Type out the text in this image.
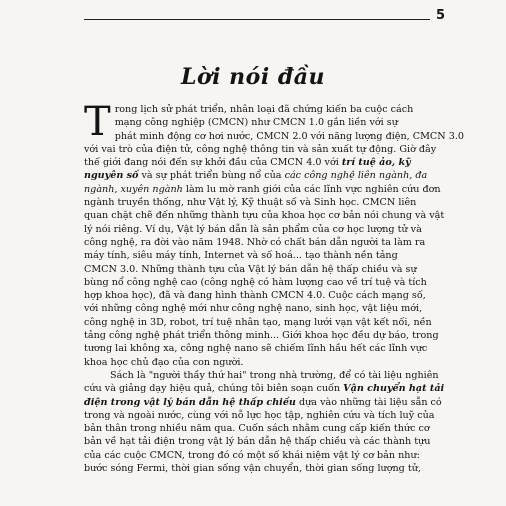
5
Lời nói đầu
T rong lịch sử phát triển, nhân loại đã chứng kiến ba cuộc cách
mạng công nghiệp (CMCN) như CMCN 1.0 gắn liền với sự
phát minh động cơ hơi nước, CMCN 2.0 với năng lượng điện, CMCN 3.0
với vai trò của điện tử, công nghệ thông tin và sản xuất tự động. Giờ đây
thế giới đang nói đến sự khởi đầu của CMCN 4.0 với trí tuệ ảo, kỹ
nguyên số và sự phát triển bùng nổ của các công nghệ liên ngành, đa
ngành, xuyên ngành làm lu mờ ranh giới của các lĩnh vực nghiên cứu đơn
ngành truyền thống, như Vật lý, Kỹ thuật số và Sinh học. CMCN liên
quan chặt chẽ đến những thành tựu của khoa học cơ bản nói chung và vật
lý nói riêng. Ví dụ, Vật lý bán dẫn là sản phẩm của cơ học lượng tử và
công nghệ, ra đời vào năm 1948. Nhờ có chất bán dẫn người ta làm ra
máy tính, siêu máy tính, Internet và số hoá... tạo thành nền tảng
CMCN 3.0. Những thành tựu của Vật lý bán dẫn hệ thấp chiều và sự
bùng nổ công nghệ cao (công nghệ có hàm lượng cao về trí tuệ và tích
hợp khoa học), đã và đang hình thành CMCN 4.0. Cuộc cách mạng số,
với những công nghệ mới như công nghệ nano, sinh học, vật liệu mới,
công nghệ in 3D, robot, trí tuệ nhân tạo, mạng lưới vạn vật kết nối, nền
tảng công nghệ phát triển thông minh... Giới khoa học đều dự báo, trong
tương lai không xa, công nghệ nano sẽ chiếm lĩnh hầu hết các lĩnh vực
khoa học chủ đạo của con người.
Sách là "người thầy thứ hai" trong nhà trường, để có tài liệu nghiên
cứu và giảng dạy hiệu quả, chúng tôi biên soạn cuốn Vận chuyển hạt tải
điện trong vật lý bán dẫn hệ thấp chiều dựa vào những tài liệu sẵn có
trong và ngoài nước, cùng với nỗ lực học tập, nghiên cứu và tích luỹ của
bản thân trong nhiều năm qua. Cuốn sách nhằm cung cấp kiến thức cơ
bản về hạt tải điện trong vật lý bán dẫn hệ thấp chiều và các thành tựu
của các cuộc CMCN, trong đó có một số khái niệm vật lý cơ bản như:
bước sóng Fermi, thời gian sống vận chuyển, thời gian sống lượng tử,
